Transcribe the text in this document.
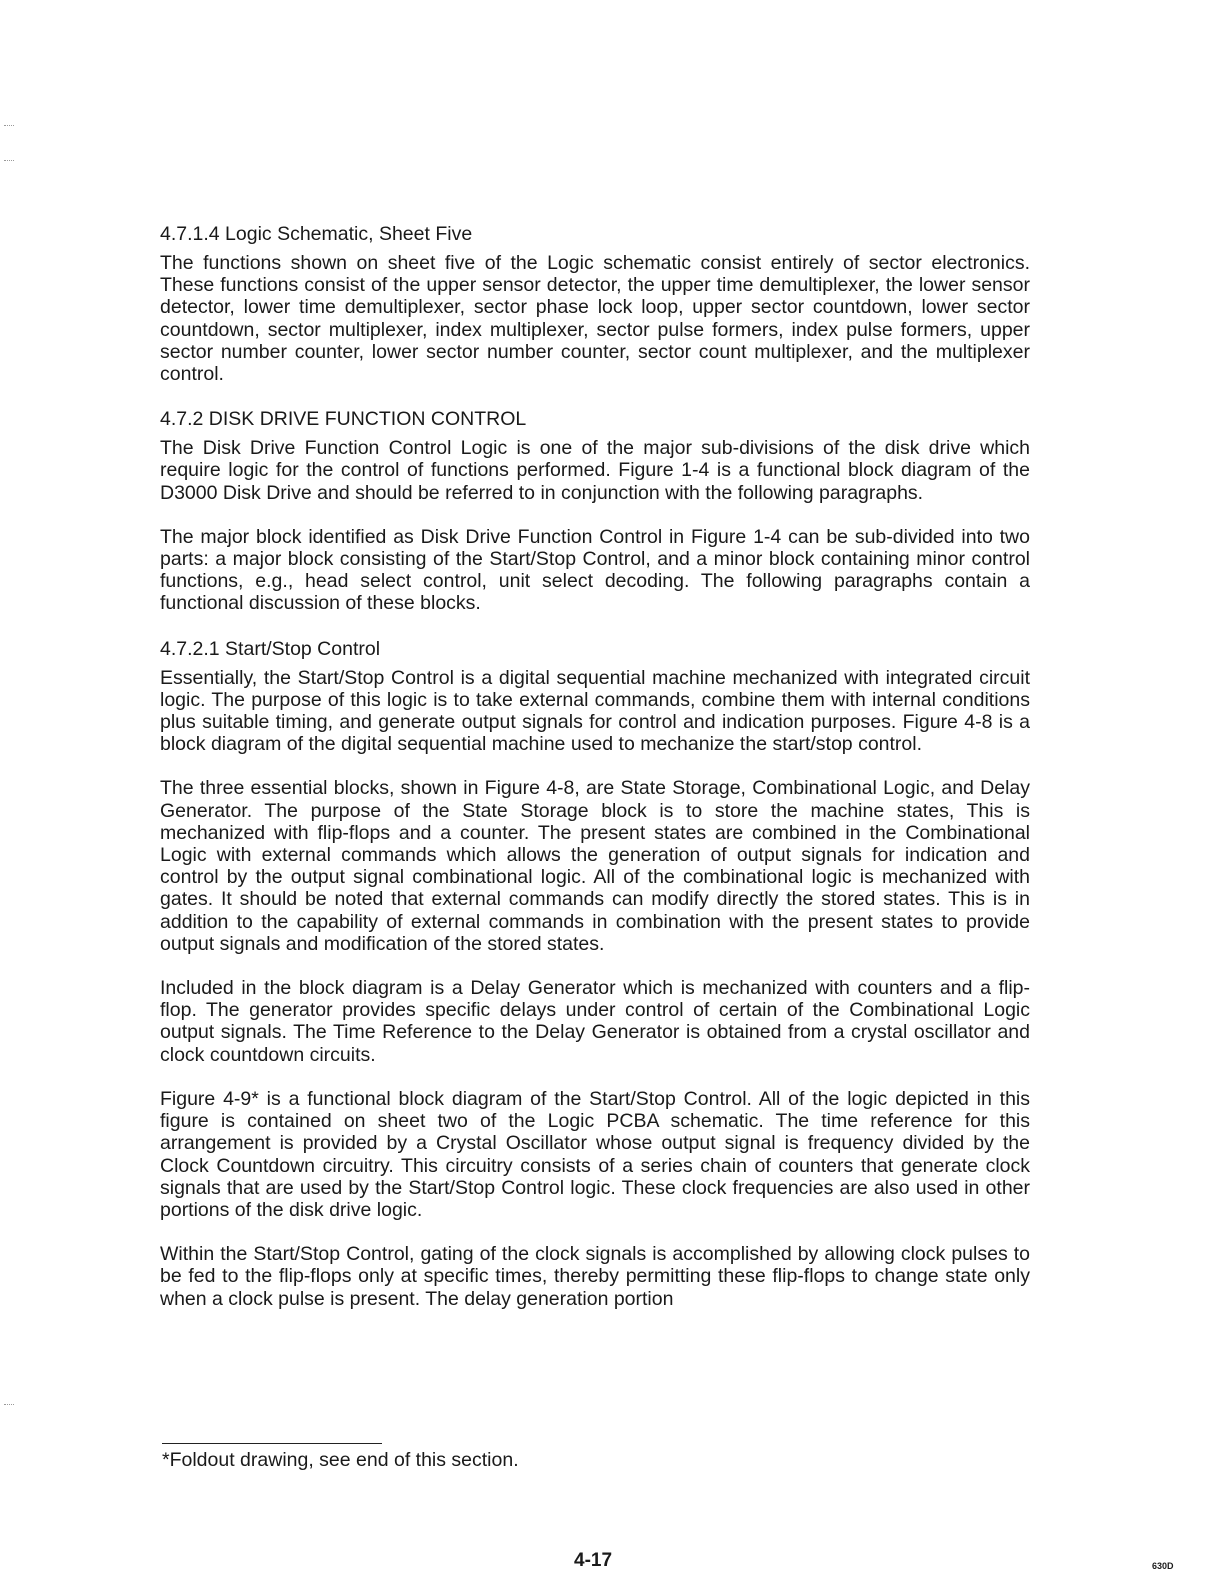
4.7.1.4 Logic Schematic, Sheet Five

The functions shown on sheet five of the Logic schematic consist entirely of sector electronics. These functions consist of the upper sensor detector, the upper time demultiplexer, the lower sensor detector, lower time demultiplexer, sector phase lock loop, upper sector countdown, lower sector countdown, sector multiplexer, index multiplexer, sector pulse formers, index pulse formers, upper sector number counter, lower sector number counter, sector count multiplexer, and the multiplexer control.

4.7.2 DISK DRIVE FUNCTION CONTROL

The Disk Drive Function Control Logic is one of the major sub-divisions of the disk drive which require logic for the control of functions performed. Figure 1-4 is a functional block diagram of the D3000 Disk Drive and should be referred to in conjunction with the following paragraphs.

The major block identified as Disk Drive Function Control in Figure 1-4 can be sub-divided into two parts: a major block consisting of the Start/Stop Control, and a minor block containing minor control functions, e.g., head select control, unit select decoding. The following paragraphs contain a functional discussion of these blocks.

4.7.2.1 Start/Stop Control

Essentially, the Start/Stop Control is a digital sequential machine mechanized with integrated circuit logic. The purpose of this logic is to take external commands, combine them with internal conditions plus suitable timing, and generate output signals for control and indication purposes. Figure 4-8 is a block diagram of the digital sequential machine used to mechanize the start/stop control.

The three essential blocks, shown in Figure 4-8, are State Storage, Combinational Logic, and Delay Generator. The purpose of the State Storage block is to store the machine states, This is mechanized with flip-flops and a counter. The present states are combined in the Combinational Logic with external commands which allows the generation of output signals for indication and control by the output signal combinational logic. All of the combinational logic is mechanized with gates. It should be noted that external commands can modify directly the stored states. This is in addition to the capability of external commands in combination with the present states to provide output signals and modification of the stored states.

Included in the block diagram is a Delay Generator which is mechanized with counters and a flip-flop. The generator provides specific delays under control of certain of the Combinational Logic output signals. The Time Reference to the Delay Generator is obtained from a crystal oscillator and clock countdown circuits.

Figure 4-9* is a functional block diagram of the Start/Stop Control. All of the logic depicted in this figure is contained on sheet two of the Logic PCBA schematic. The time reference for this arrangement is provided by a Crystal Oscillator whose output signal is frequency divided by the Clock Countdown circuitry. This circuitry consists of a series chain of counters that generate clock signals that are used by the Start/Stop Control logic. These clock frequencies are also used in other portions of the disk drive logic.

Within the Start/Stop Control, gating of the clock signals is accomplished by allowing clock pulses to be fed to the flip-flops only at specific times, thereby permitting these flip-flops to change state only when a clock pulse is present. The delay generation portion

*Foldout drawing, see end of this section.
4-17	630D
